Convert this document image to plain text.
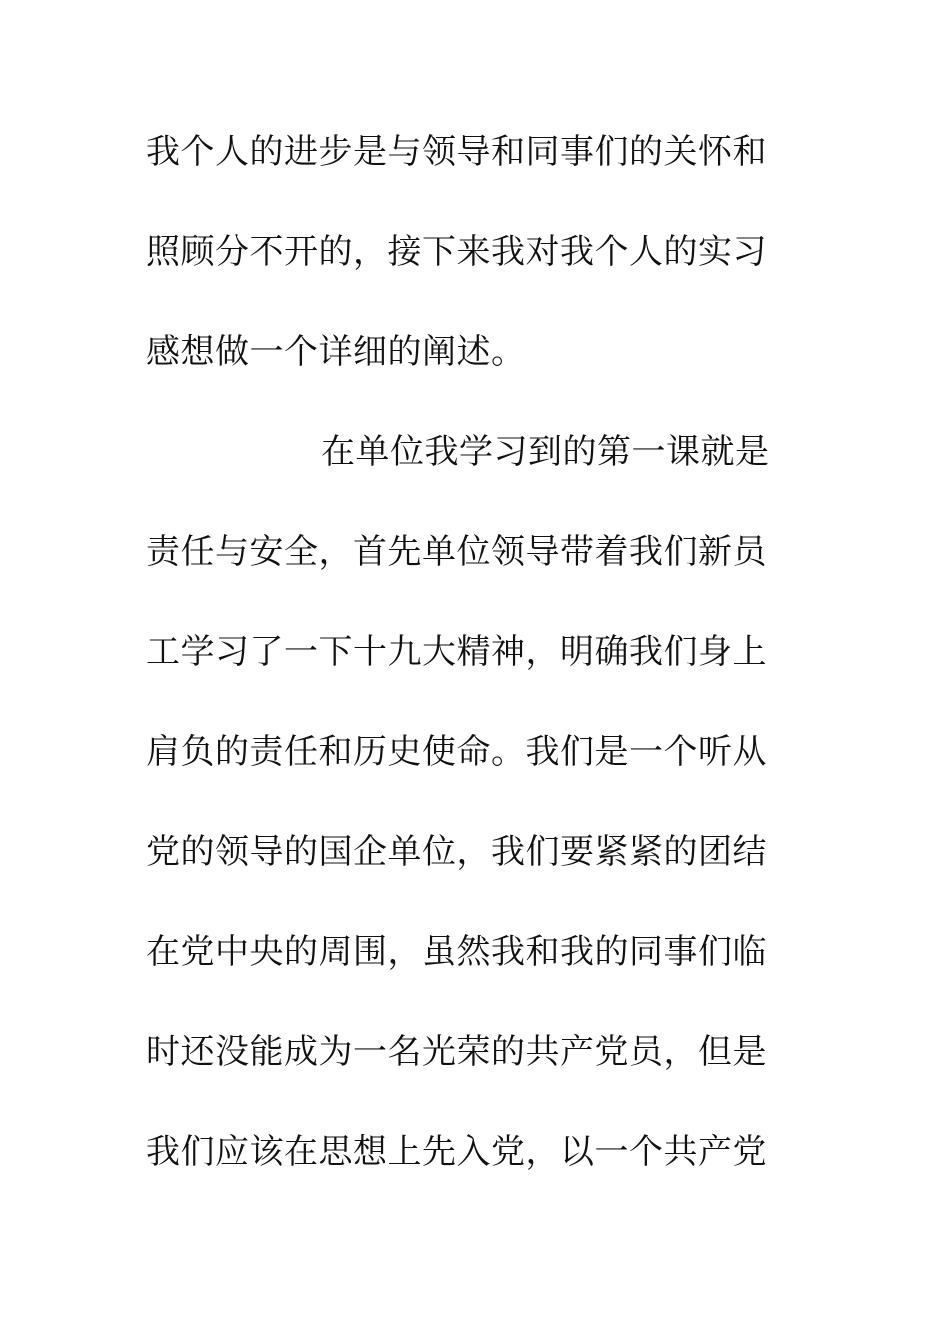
我个人的进步是与领导和同事们的关怀和
照顾分不开的，接下来我对我个人的实习
感想做一个详细的阐述。
在单位我学习到的第一课就是
责任与安全，首先单位领导带着我们新员
工学习了一下十九大精神，明确我们身上
肩负的责任和历史使命。我们是一个听从
党的领导的国企单位，我们要紧紧的团结
在党中央的周围，虽然我和我的同事们临
时还没能成为一名光荣的共产党员，但是
我们应该在思想上先入党，以一个共产党
